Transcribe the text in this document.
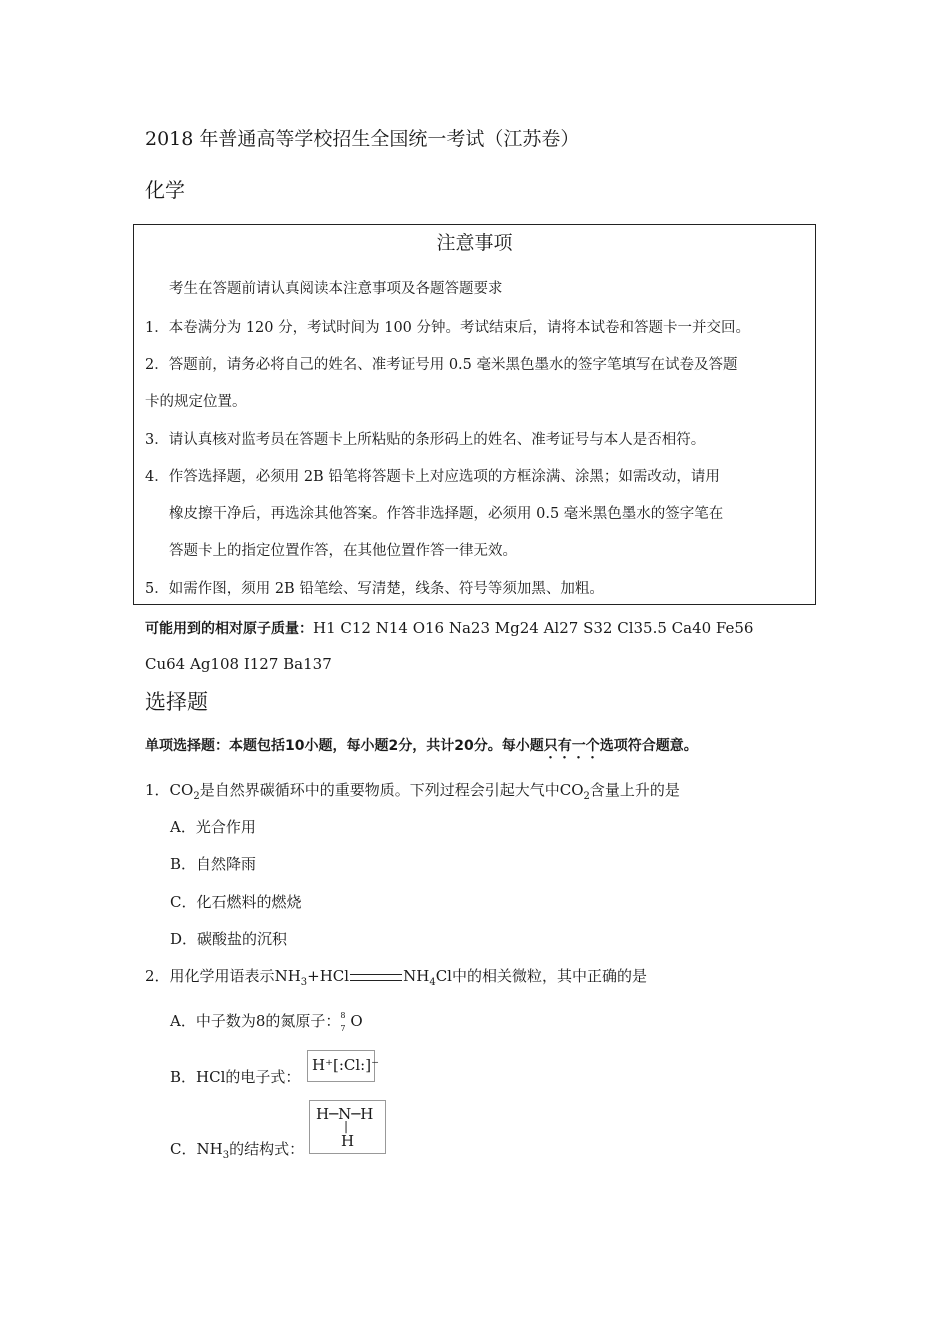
2018 年普通高等学校招生全国统一考试（江苏卷）
化学
注意事项
考生在答题前请认真阅读本注意事项及各题答题要求
1．本卷满分为 120 分，考试时间为 100 分钟。考试结束后，请将本试卷和答题卡一并交回。
2．答题前，请务必将自己的姓名、准考证号用 0.5 毫米黑色墨水的签字笔填写在试卷及答题
卡的规定位置。
3．请认真核对监考员在答题卡上所粘贴的条形码上的姓名、准考证号与本人是否相符。
4．作答选择题，必须用 2B 铅笔将答题卡上对应选项的方框涂满、涂黑；如需改动，请用
橡皮擦干净后，再选涂其他答案。作答非选择题，必须用 0.5 毫米黑色墨水的签字笔在
答题卡上的指定位置作答，在其他位置作答一律无效。
5．如需作图，须用 2B 铅笔绘、写清楚，线条、符号等须加黑、加粗。
可能用到的相对原子质量：H1 C12 N14 O16 Na23 Mg24 Al27 S32 Cl35.5 Ca40 Fe56
Cu64 Ag108 I127 Ba137
选择题
单项选择题：本题包括10小题，每小题2分，共计20分。每小题只有一个选项符合题意。
1．$CO_2$是自然界碳循环中的重要物质。下列过程会引起大气中$CO_2$含量上升的是
A．光合作用
B．自然降雨
C．化石燃料的燃烧
D．碳酸盐的沉积
2．用化学用语表示$NH_3+HCl$	$NH_4Cl$中的相关微粒，其中正确的是
A．中子数为8的氮原子： 8
7 O
B．HCl的电子式：
H⁺[:Cl:]⁻
C．$NH_3$的结构式：
H─N─H
|
H
